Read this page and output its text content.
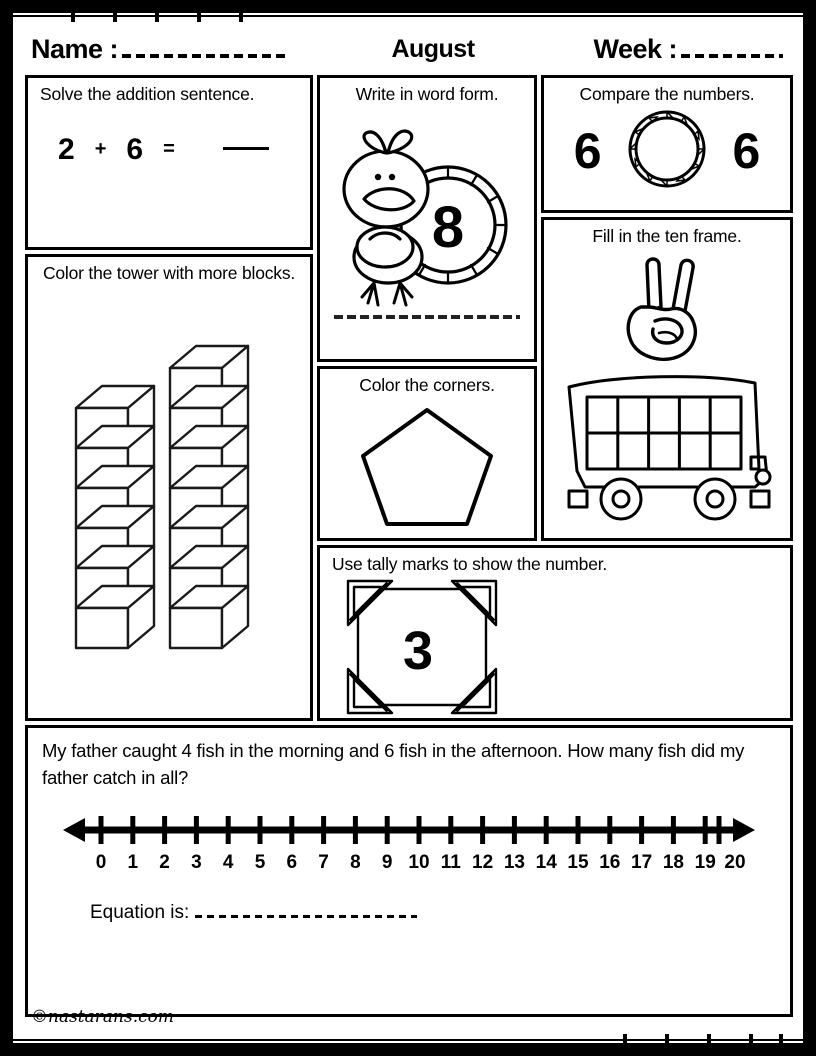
Name :	August	Week :
Solve the addition sentence.
2 + 6 =
Color the tower with more blocks.
Write in word form.
8
Color the corners.
Compare the numbers.
6	6
Fill in the ten frame.
Use tally marks to show the number.
3
My father caught 4 fish in the morning and 6 fish in the afternoon. How many fish did my father catch in all?
0 1 2 3 4 5 6 7 8 9 10 11 12 13 14 15 16 17 18 19 20
Equation is:
©nastarans.com
